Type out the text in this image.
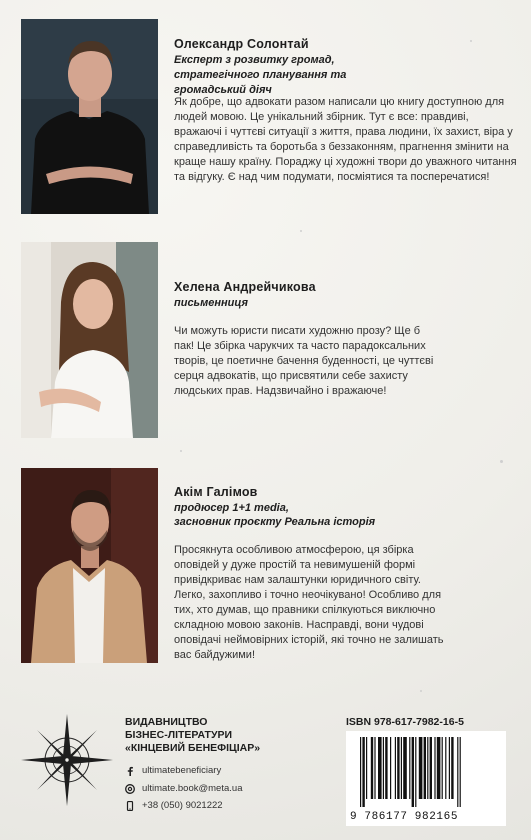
Олександр Солонтай
Експерт з розвитку громад, стратегічного планування та громадський діяч
Як добре, що адвокати разом написали цю книгу доступною для людей мовою. Це унікальний збірник. Тут є все: правдиві, вражаючі і чуттєві ситуації з життя, права людини, їх захист, віра у справедливість та боротьба з беззаконням, прагнення змінити на краще нашу країну. Пораджу ці художні твори до уважного читання та відгуку. Є над чим подумати, посміятися та посперечатися!
Хелена Андрейчикова
письменниця
Чи можуть юристи писати художню прозу? Ще б пак! Це збірка чарукчих та часто парадоксальних творів, це поетичне бачення буденності, це чуттєві серця адвокатів, що присвятили себе захисту людських прав. Надзвичайно і вражаюче!
Акім Галімов
продюсер 1+1 media,
засновник проєкту Реальна історія
Просякнута особливою атмосферою, ця збірка оповідей у дуже простій та невимушеній формі привідкриває нам залаштунки юридичного світу. Легко, захопливо і точно неочікувано! Особливо для тих, хто думав, що правники спілкуються виключно складною мовою законів. Насправді, вони чудові оповідачі неймовірних історій, які точно не залишать вас байдужими!
ВИДАВНИЦТВО
БІЗНЕС-ЛІТЕРАТУРИ
«КІНЦЕВИЙ БЕНЕФІЦІАР»
ultimatebeneficiary
ultimate.book@meta.ua
+38 (050) 9021222
ISBN 978-617-7982-16-5
9 786177 982165
